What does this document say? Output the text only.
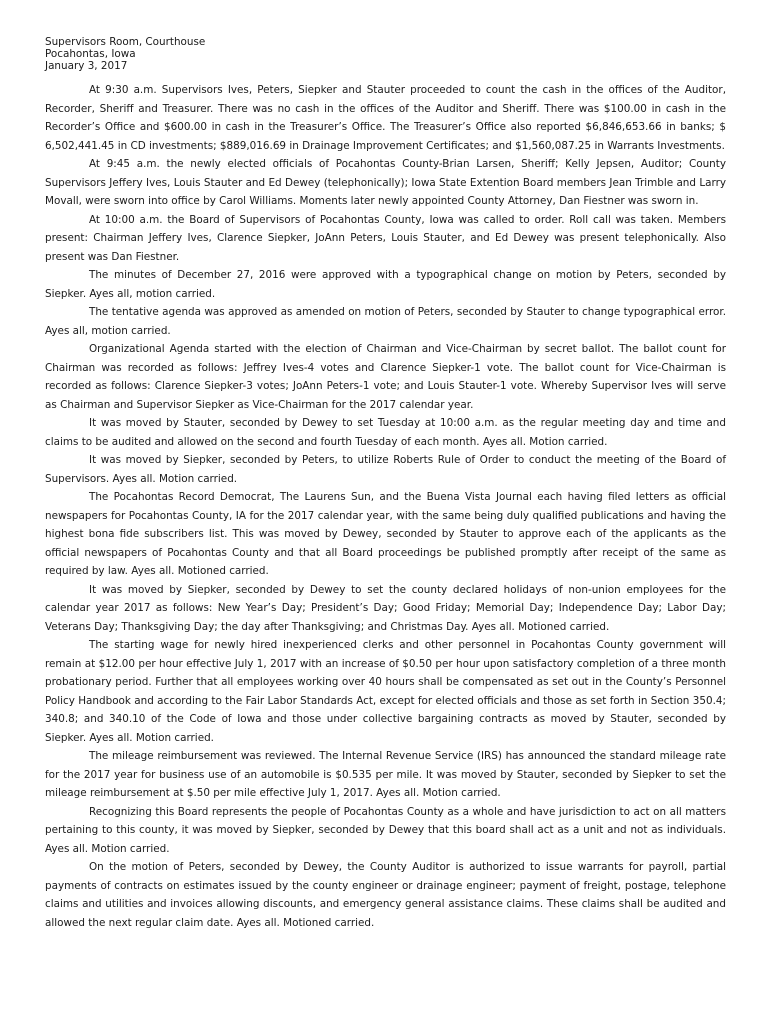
Supervisors Room, Courthouse
Pocahontas, Iowa
January 3, 2017

At 9:30 a.m. Supervisors Ives, Peters, Siepker and Stauter proceeded to count the cash in the offices of the Auditor, Recorder, Sheriff and Treasurer. There was no cash in the offices of the Auditor and Sheriff. There was $100.00 in cash in the Recorder’s Office and $600.00 in cash in the Treasurer’s Office. The Treasurer’s Office also reported $6,846,653.66 in banks; $ 6,502,441.45 in CD investments; $889,016.69 in Drainage Improvement Certificates; and $1,560,087.25 in Warrants Investments.

At 9:45 a.m. the newly elected officials of Pocahontas County-Brian Larsen, Sheriff; Kelly Jepsen, Auditor; County Supervisors Jeffery Ives, Louis Stauter and Ed Dewey (telephonically); Iowa State Extention Board members Jean Trimble and Larry Movall, were sworn into office by Carol Williams. Moments later newly appointed County Attorney, Dan Fiestner was sworn in.

At 10:00 a.m. the Board of Supervisors of Pocahontas County, Iowa was called to order. Roll call was taken. Members present: Chairman Jeffery Ives, Clarence Siepker, JoAnn Peters, Louis Stauter, and Ed Dewey was present telephonically. Also present was Dan Fiestner.

The minutes of December 27, 2016 were approved with a typographical change on motion by Peters, seconded by Siepker. Ayes all, motion carried.

The tentative agenda was approved as amended on motion of Peters, seconded by Stauter to change typographical error. Ayes all, motion carried.

Organizational Agenda started with the election of Chairman and Vice-Chairman by secret ballot. The ballot count for Chairman was recorded as follows: Jeffrey Ives-4 votes and Clarence Siepker-1 vote. The ballot count for Vice-Chairman is recorded as follows: Clarence Siepker-3 votes; JoAnn Peters-1 vote; and Louis Stauter-1 vote. Whereby Supervisor Ives will serve as Chairman and Supervisor Siepker as Vice-Chairman for the 2017 calendar year.

It was moved by Stauter, seconded by Dewey to set Tuesday at 10:00 a.m. as the regular meeting day and time and claims to be audited and allowed on the second and fourth Tuesday of each month. Ayes all. Motion carried.

It was moved by Siepker, seconded by Peters, to utilize Roberts Rule of Order to conduct the meeting of the Board of Supervisors. Ayes all. Motion carried.

The Pocahontas Record Democrat, The Laurens Sun, and the Buena Vista Journal each having filed letters as official newspapers for Pocahontas County, IA for the 2017 calendar year, with the same being duly qualified publications and having the highest bona fide subscribers list. This was moved by Dewey, seconded by Stauter to approve each of the applicants as the official newspapers of Pocahontas County and that all Board proceedings be published promptly after receipt of the same as required by law. Ayes all. Motioned carried.

It was moved by Siepker, seconded by Dewey to set the county declared holidays of non-union employees for the calendar year 2017 as follows: New Year’s Day; President’s Day; Good Friday; Memorial Day; Independence Day; Labor Day; Veterans Day; Thanksgiving Day; the day after Thanksgiving; and Christmas Day. Ayes all. Motioned carried.

The starting wage for newly hired inexperienced clerks and other personnel in Pocahontas County government will remain at $12.00 per hour effective July 1, 2017 with an increase of $0.50 per hour upon satisfactory completion of a three month probationary period. Further that all employees working over 40 hours shall be compensated as set out in the County’s Personnel Policy Handbook and according to the Fair Labor Standards Act, except for elected officials and those as set forth in Section 350.4; 340.8; and 340.10 of the Code of Iowa and those under collective bargaining contracts as moved by Stauter, seconded by Siepker. Ayes all. Motion carried.

The mileage reimbursement was reviewed. The Internal Revenue Service (IRS) has announced the standard mileage rate for the 2017 year for business use of an automobile is $0.535 per mile. It was moved by Stauter, seconded by Siepker to set the mileage reimbursement at $.50 per mile effective July 1, 2017. Ayes all. Motion carried.

Recognizing this Board represents the people of Pocahontas County as a whole and have jurisdiction to act on all matters pertaining to this county, it was moved by Siepker, seconded by Dewey that this board shall act as a unit and not as individuals. Ayes all. Motion carried.

On the motion of Peters, seconded by Dewey, the County Auditor is authorized to issue warrants for payroll, partial payments of contracts on estimates issued by the county engineer or drainage engineer; payment of freight, postage, telephone claims and utilities and invoices allowing discounts, and emergency general assistance claims. These claims shall be audited and allowed the next regular claim date. Ayes all. Motioned carried.
